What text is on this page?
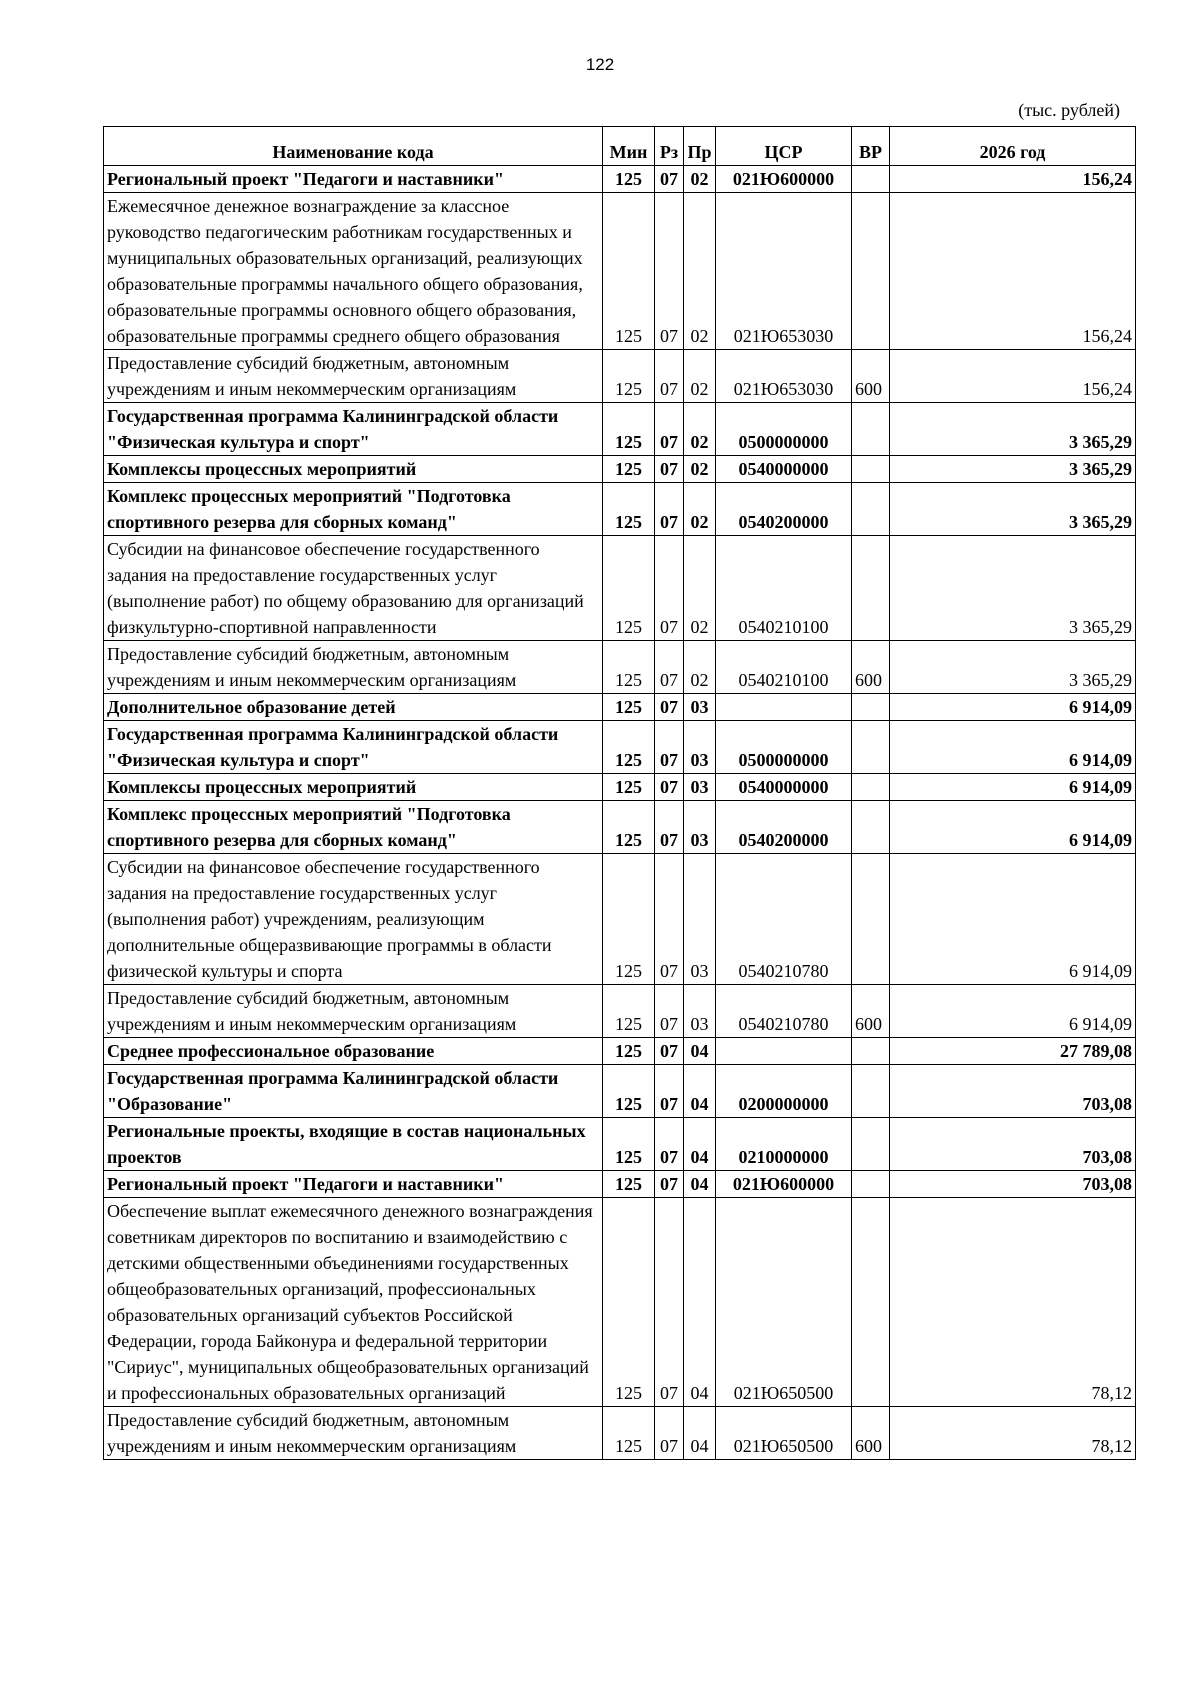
122
(тыс. рублей)
Наименование кода	Мин	Рз	Пр	ЦСР	ВР	2026 год
Региональный проект "Педагоги и наставники"	125	07	02	021Ю600000		156,24
Ежемесячное денежное вознаграждение за классное руководство педагогическим работникам государственных и муниципальных образовательных организаций, реализующих образовательные программы начального общего образования, образовательные программы основного общего образования, образовательные программы среднего общего образования	125	07	02	021Ю653030		156,24
Предоставление субсидий бюджетным, автономным учреждениям и иным некоммерческим организациям	125	07	02	021Ю653030	600	156,24
Государственная программа Калининградской области "Физическая культура и спорт"	125	07	02	0500000000		3 365,29
Комплексы процессных мероприятий	125	07	02	0540000000		3 365,29
Комплекс процессных мероприятий "Подготовка спортивного резерва для сборных команд"	125	07	02	0540200000		3 365,29
Субсидии на финансовое обеспечение государственного задания на предоставление государственных услуг (выполнение работ) по общему образованию для организаций физкультурно-спортивной направленности	125	07	02	0540210100		3 365,29
Предоставление субсидий бюджетным, автономным учреждениям и иным некоммерческим организациям	125	07	02	0540210100	600	3 365,29
Дополнительное образование детей	125	07	03			6 914,09
Государственная программа Калининградской области "Физическая культура и спорт"	125	07	03	0500000000		6 914,09
Комплексы процессных мероприятий	125	07	03	0540000000		6 914,09
Комплекс процессных мероприятий "Подготовка спортивного резерва для сборных команд"	125	07	03	0540200000		6 914,09
Субсидии на финансовое обеспечение государственного задания на предоставление государственных услуг (выполнения работ) учреждениям, реализующим дополнительные общеразвивающие программы в области физической культуры и спорта	125	07	03	0540210780		6 914,09
Предоставление субсидий бюджетным, автономным учреждениям и иным некоммерческим организациям	125	07	03	0540210780	600	6 914,09
Среднее профессиональное образование	125	07	04			27 789,08
Государственная программа Калининградской области "Образование"	125	07	04	0200000000		703,08
Региональные проекты, входящие в состав национальных проектов	125	07	04	0210000000		703,08
Региональный проект "Педагоги и наставники"	125	07	04	021Ю600000		703,08
Обеспечение выплат ежемесячного денежного вознаграждения советникам директоров по воспитанию и взаимодействию с детскими общественными объединениями государственных общеобразовательных организаций, профессиональных образовательных организаций субъектов Российской Федерации, города Байконура и федеральной территории "Сириус", муниципальных общеобразовательных организаций и профессиональных образовательных организаций	125	07	04	021Ю650500		78,12
Предоставление субсидий бюджетным, автономным учреждениям и иным некоммерческим организациям	125	07	04	021Ю650500	600	78,12
